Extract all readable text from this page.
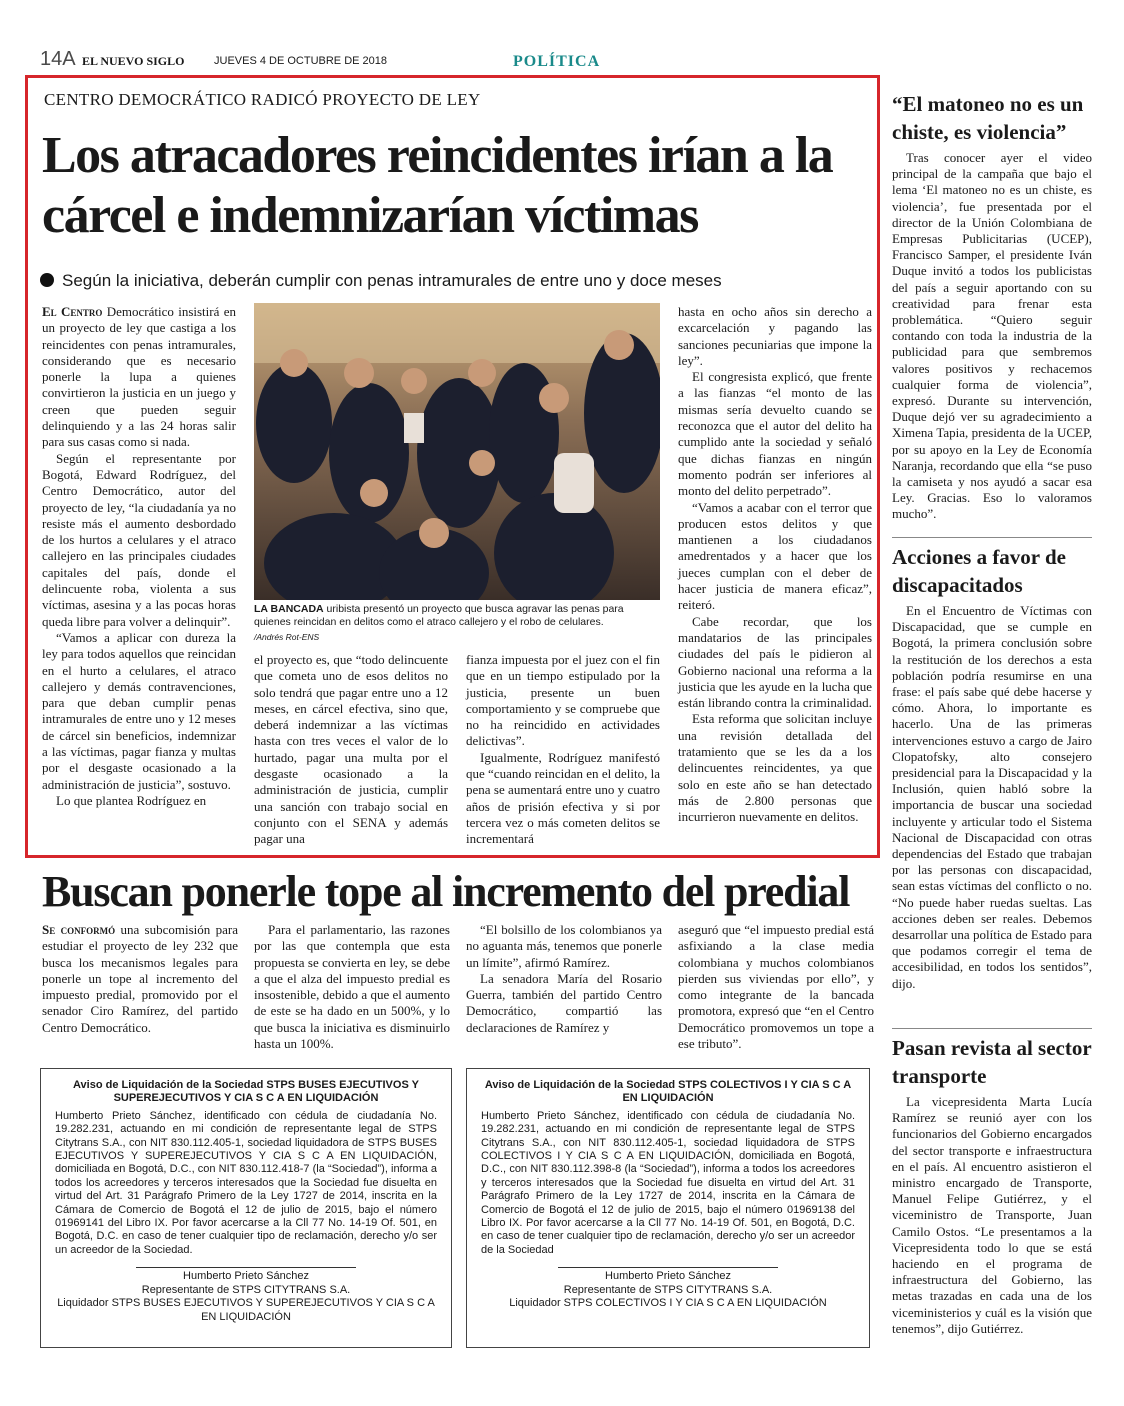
14A EL NUEVO SIGLO	JUEVES 4 DE OCTUBRE DE 2018	POLÍTICA
CENTRO DEMOCRÁTICO RADICÓ PROYECTO DE LEY
Los atracadores reincidentes irían a la cárcel e indemnizarían víctimas
Según la iniciativa, deberán cumplir con penas intramurales de entre uno y doce meses

El Centro Democrático insistirá en un proyecto de ley que castiga a los reincidentes con penas intramurales, considerando que es necesario ponerle la lupa a quienes convirtieron la justicia en un juego y creen que pueden seguir delinquiendo y a las 24 horas salir para sus casas como si nada.

Según el representante por Bogotá, Edward Rodríguez, del Centro Democrático, autor del proyecto de ley, “la ciudadanía ya no resiste más el aumento desbordado de los hurtos a celulares y el atraco callejero en las principales ciudades capitales del país, donde el delincuente roba, violenta a sus víctimas, asesina y a las pocas horas queda libre para volver a delinquir”.

“Vamos a aplicar con dureza la ley para todos aquellos que reincidan en el hurto a celulares, el atraco callejero y demás contravenciones, para que deban cumplir penas intramurales de entre uno y 12 meses de cárcel sin beneficios, indemnizar a las víctimas, pagar fianza y multas por el desgaste ocasionado a la administración de justicia”, sostuvo.

Lo que plantea Rodríguez en

LA BANCADA uribista presentó un proyecto que busca agravar las penas para quienes reincidan en delitos como el atraco callejero y el robo de celulares.
/Andrés Rot-ENS

el proyecto es, que “todo delincuente que cometa uno de esos delitos no solo tendrá que pagar entre uno a 12 meses, en cárcel efectiva, sino que, deberá indemnizar a las víctimas hasta con tres veces el valor de lo hurtado, pagar una multa por el desgaste ocasionado a la administración de justicia, cumplir una sanción con trabajo social en conjunto con el SENA y además pagar una

fianza impuesta por el juez con el fin que en un tiempo estipulado por la justicia, presente un buen comportamiento y se compruebe que no ha reincidido en actividades delictivas”.

Igualmente, Rodríguez manifestó que “cuando reincidan en el delito, la pena se aumentará entre uno y cuatro años de prisión efectiva y si por tercera vez o más cometen delitos se incrementará

hasta en ocho años sin derecho a excarcelación y pagando las sanciones pecuniarias que impone la ley”.

El congresista explicó, que frente a las fianzas “el monto de las mismas sería devuelto cuando se reconozca que el autor del delito ha cumplido ante la sociedad y señaló que dichas fianzas en ningún momento podrán ser inferiores al monto del delito perpetrado”.

“Vamos a acabar con el terror que producen estos delitos y que mantienen a los ciudadanos amedrentados y a hacer que los jueces cumplan con el deber de hacer justicia de manera eficaz”, reiteró.

Cabe recordar, que los mandatarios de las principales ciudades del país le pidieron al Gobierno nacional una reforma a la justicia que les ayude en la lucha que están librando contra la criminalidad.

Esta reforma que solicitan incluye una revisión detallada del tratamiento que se les da a los delincuentes reincidentes, ya que solo en este año se han detectado más de 2.800 personas que incurrieron nuevamente en delitos.

Buscan ponerle tope al incremento del predial

Se conformó una subcomisión para estudiar el proyecto de ley 232 que busca los mecanismos legales para ponerle un tope al incremento del impuesto predial, promovido por el senador Ciro Ramírez, del partido Centro Democrático.

Para el parlamentario, las razones por las que contempla que esta propuesta se convierta en ley, se debe a que el alza del impuesto predial es insostenible, debido a que el aumento de este se ha dado en un 500%, y lo que busca la iniciativa es disminuirlo hasta un 100%.

“El bolsillo de los colombianos ya no aguanta más, tenemos que ponerle un límite”, afirmó Ramírez.

La senadora María del Rosario Guerra, también del partido Centro Democrático, compartió las declaraciones de Ramírez y

aseguró que “el impuesto predial está asfixiando a la clase media colombiana y muchos colombianos pierden sus viviendas por ello”, y como integrante de la bancada promotora, expresó que “en el Centro Democrático promovemos un tope a ese tributo”.

“El matoneo no es un chiste, es violencia”

Tras conocer ayer el video principal de la campaña que bajo el lema ‘El matoneo no es un chiste, es violencia’, fue presentada por el director de la Unión Colombiana de Empresas Publicitarias (UCEP), Francisco Samper, el presidente Iván Duque invitó a todos los publicistas del país a seguir aportando con su creatividad para frenar esta problemática. “Quiero seguir contando con toda la industria de la publicidad para que sembremos valores positivos y rechacemos cualquier forma de violencia”, expresó. Durante su intervención, Duque dejó ver su agradecimiento a Ximena Tapia, presidenta de la UCEP, por su apoyo en la Ley de Economía Naranja, recordando que ella “se puso la camiseta y nos ayudó a sacar esa Ley. Gracias. Eso lo valoramos mucho”.

Acciones a favor de discapacitados

En el Encuentro de Víctimas con Discapacidad, que se cumple en Bogotá, la primera conclusión sobre la restitución de los derechos a esta población podría resumirse en una frase: el país sabe qué debe hacerse y cómo. Ahora, lo importante es hacerlo. Una de las primeras intervenciones estuvo a cargo de Jairo Clopatofsky, alto consejero presidencial para la Discapacidad y la Inclusión, quien habló sobre la importancia de buscar una sociedad incluyente y articular todo el Sistema Nacional de Discapacidad con otras dependencias del Estado que trabajan por las personas con discapacidad, sean estas víctimas del conflicto o no. “No puede haber ruedas sueltas. Las acciones deben ser reales. Debemos desarrollar una política de Estado para que podamos corregir el tema de accesibilidad, en todos los sentidos”, dijo.

Pasan revista al sector transporte

La vicepresidenta Marta Lucía Ramírez se reunió ayer con los funcionarios del Gobierno encargados del sector transporte e infraestructura en el país. Al encuentro asistieron el ministro encargado de Transporte, Manuel Felipe Gutiérrez, y el viceministro de Transporte, Juan Camilo Ostos. “Le presentamos a la Vicepresidenta todo lo que se está haciendo en el programa de infraestructura del Gobierno, las metas trazadas en cada una de los viceministerios y cuál es la visión que tenemos”, dijo Gutiérrez.

Aviso de Liquidación de la Sociedad STPS BUSES EJECUTIVOS Y SUPEREJECUTIVOS Y CIA S C A EN LIQUIDACIÓN
Humberto Prieto Sánchez, identificado con cédula de ciudadanía No. 19.282.231, actuando en mi condición de representante legal de STPS Citytrans S.A., con NIT 830.112.405-1, sociedad liquidadora de STPS BUSES EJECUTIVOS Y SUPEREJECUTIVOS Y CIA S C A EN LIQUIDACIÓN, domiciliada en Bogotá, D.C., con NIT 830.112.418-7 (la “Sociedad”), informa a todos los acreedores y terceros interesados que la Sociedad fue disuelta en virtud del Art. 31 Parágrafo Primero de la Ley 1727 de 2014, inscrita en la Cámara de Comercio de Bogotá el 12 de julio de 2015, bajo el número 01969141 del Libro IX. Por favor acercarse a la Cll 77 No. 14-19 Of. 501, en Bogotá, D.C. en caso de tener cualquier tipo de reclamación, derecho y/o ser un acreedor de la Sociedad.
Humberto Prieto Sánchez
Representante de STPS CITYTRANS S.A.
Liquidador STPS BUSES EJECUTIVOS Y SUPEREJECUTIVOS Y CIA S C A EN LIQUIDACIÓN
Aviso de Liquidación de la Sociedad STPS COLECTIVOS I Y CIA S C A EN LIQUIDACIÓN
Humberto Prieto Sánchez, identificado con cédula de ciudadanía No. 19.282.231, actuando en mi condición de representante legal de STPS Citytrans S.A., con NIT 830.112.405-1, sociedad liquidadora de STPS COLECTIVOS I Y CIA S C A EN LIQUIDACIÓN, domiciliada en Bogotá, D.C., con NIT 830.112.398-8 (la “Sociedad”), informa a todos los acreedores y terceros interesados que la Sociedad fue disuelta en virtud del Art. 31 Parágrafo Primero de la Ley 1727 de 2014, inscrita en la Cámara de Comercio de Bogotá el 12 de julio de 2015, bajo el número 01969138 del Libro IX. Por favor acercarse a la Cll 77 No. 14-19 Of. 501, en Bogotá, D.C. en caso de tener cualquier tipo de reclamación, derecho y/o ser un acreedor de la Sociedad
Humberto Prieto Sánchez
Representante de STPS CITYTRANS S.A.
Liquidador STPS COLECTIVOS I Y CIA S C A EN LIQUIDACIÓN
